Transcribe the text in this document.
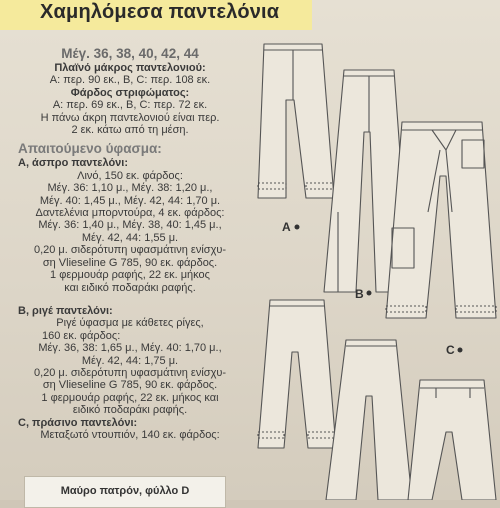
Χαμηλόμεσα παντελόνια
Μέγ. 36, 38, 40, 42, 44
Πλαϊνό μάκρος παντελονιού:
A: περ. 90 εκ., B, C: περ. 108 εκ.
Φάρδος στριφώματος:
A: περ. 69 εκ., B, C: περ. 72 εκ.
Η πάνω άκρη παντελονιού είναι περ.
2 εκ. κάτω από τη μέση.
Απαιτούμενο ύφασμα:
A, άσπρο παντελόνι:
Λινό, 150 εκ. φάρδος:
Μέγ. 36: 1,10 μ., Μέγ. 38: 1,20 μ.,
Μέγ. 40: 1,45 μ., Μέγ. 42, 44: 1,70 μ.
Δαντελένια μπορντούρα, 4 εκ. φάρδος:
Μέγ. 36: 1,40 μ., Μέγ. 38, 40: 1,45 μ.,
Μέγ. 42, 44: 1,55 μ.
0,20 μ. σιδερότυπη υφασμάτινη ενίσχυ-
ση Vlieseline G 785, 90 εκ. φάρδος.
1 φερμουάρ ραφής, 22 εκ. μήκος
και ειδικό ποδαράκι ραφής.
B, ριγέ παντελόνι:
Ριγέ ύφασμα με κάθετες ρίγες,
160 εκ. φάρδος:
Μέγ. 36, 38: 1,65 μ., Μέγ. 40: 1,70 μ.,
Μέγ. 42, 44: 1,75 μ.
0,20 μ. σιδερότυπη υφασμάτινη ενίσχυ-
ση Vlieseline G 785, 90 εκ. φάρδος.
1 φερμουάρ ραφής, 22 εκ. μήκος και
ειδικό ποδαράκι ραφής.
C, πράσινο παντελόνι:
Μεταξωτό ντουπιόν, 140 εκ. φάρδος:
Μαύρο πατρόν, φύλλο D
A
B
C
